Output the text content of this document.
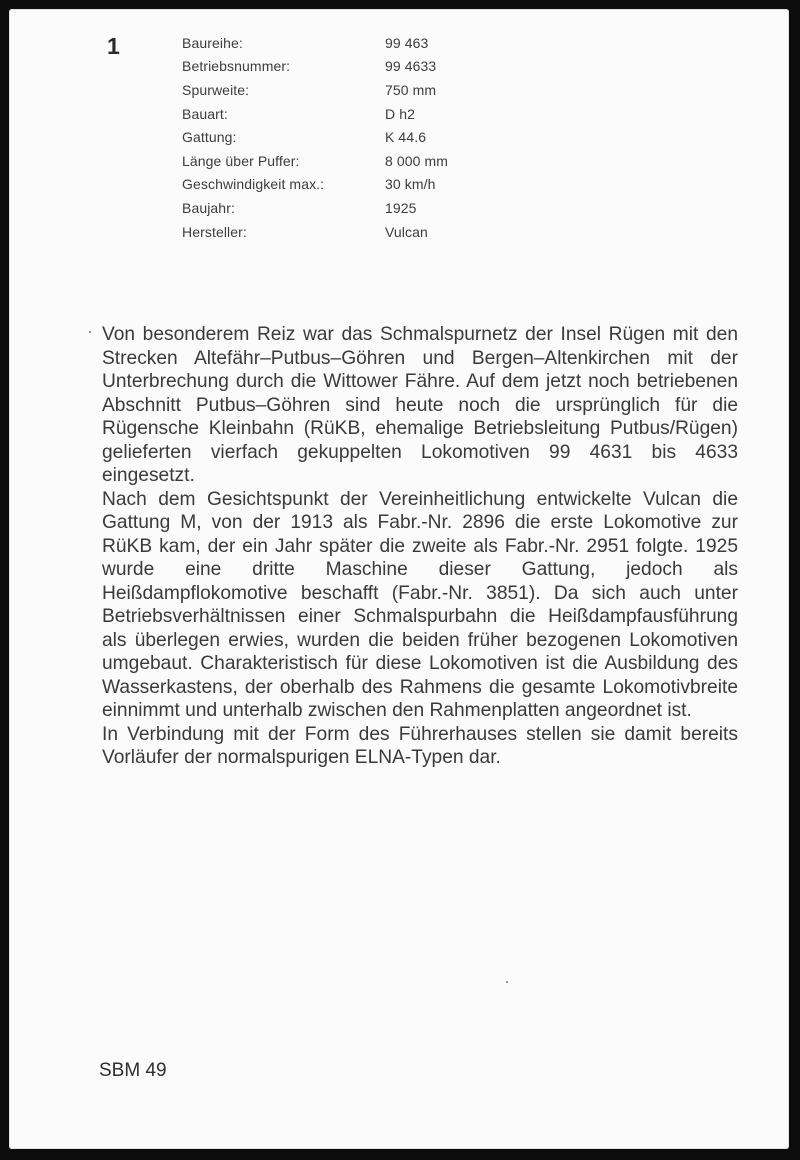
1	Baureihe:	99 463
Betriebsnummer:	99 4633
Spurweite:	750 mm
Bauart:	D h2
Gattung:	K 44.6
Länge über Puffer:	8 000 mm
Geschwindigkeit max.:	30 km/h
Baujahr:	1925
Hersteller:	Vulcan

Von besonderem Reiz war das Schmalspurnetz der Insel Rügen mit den Strecken Altefähr–Putbus–Göhren und Bergen–Altenkirchen mit der Unterbrechung durch die Wittower Fähre. Auf dem jetzt noch betriebenen Abschnitt Putbus–Göhren sind heute noch die ursprünglich für die Rügensche Kleinbahn (RüKB, ehemalige Betriebsleitung Putbus/Rügen) gelieferten vierfach gekuppelten Lokomotiven 99 4631 bis 4633 eingesetzt.

Nach dem Gesichtspunkt der Vereinheitlichung entwickelte Vulcan die Gattung M, von der 1913 als Fabr.-Nr. 2896 die erste Lokomotive zur RüKB kam, der ein Jahr später die zweite als Fabr.-Nr. 2951 folgte. 1925 wurde eine dritte Maschine dieser Gattung, jedoch als Heißdampflokomotive beschafft (Fabr.-Nr. 3851). Da sich auch unter Betriebsverhältnissen einer Schmalspurbahn die Heißdampfausführung als überlegen erwies, wurden die beiden früher bezogenen Lokomotiven umgebaut. Charakteristisch für diese Lokomotiven ist die Ausbildung des Wasserkastens, der oberhalb des Rahmens die gesamte Lokomotivbreite einnimmt und unterhalb zwischen den Rahmenplatten angeordnet ist.

In Verbindung mit der Form des Führerhauses stellen sie damit bereits Vorläufer der normalspurigen ELNA-Typen dar.

SBM 49
